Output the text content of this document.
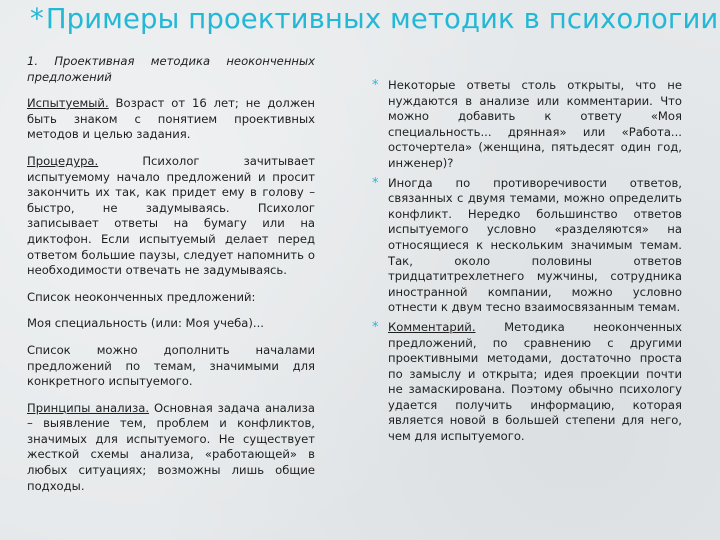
*Примеры проективных методик в психологии

1. Проективная методика неоконченных предложений

Испытуемый. Возраст от 16 лет; не должен быть знаком с понятием проективных методов и целью задания.

Процедура. Психолог зачитывает испытуемому начало предложений и просит закончить их так, как придет ему в голову – быстро, не задумываясь. Психолог записывает ответы на бумагу или на диктофон. Если испытуемый делает перед ответом большие паузы, следует напомнить о необходимости отвечать не задумываясь.

Список неоконченных предложений:

Моя специальность (или: Моя учеба)...

Список можно дополнить началами предложений по темам, значимыми для конкретного испытуемого.

Принципы анализа. Основная задача анализа – выявление тем, проблем и конфликтов, значимых для испытуемого. Не существует жесткой схемы анализа, «работающей» в любых ситуациях; возможны лишь общие подходы.

* Некоторые ответы столь открыты, что не нуждаются в анализе или комментарии. Что можно добавить к ответу «Моя специальность... дрянная» или «Работа... осточертела» (женщина, пятьдесят один год, инженер)?

* Иногда по противоречивости ответов, связанных с двумя темами, можно определить конфликт. Нередко большинство ответов испытуемого условно «разделяются» на относящиеся к нескольким значимым темам. Так, около половины ответов тридцатитрехлетнего мужчины, сотрудника иностранной компании, можно условно отнести к двум тесно взаимосвязанным темам.

* Комментарий. Методика неоконченных предложений, по сравнению с другими проективными методами, достаточно проста по замыслу и открыта; идея проекции почти не замаскирована. Поэтому обычно психологу удается получить информацию, которая является новой в большей степени для него, чем для испытуемого.
